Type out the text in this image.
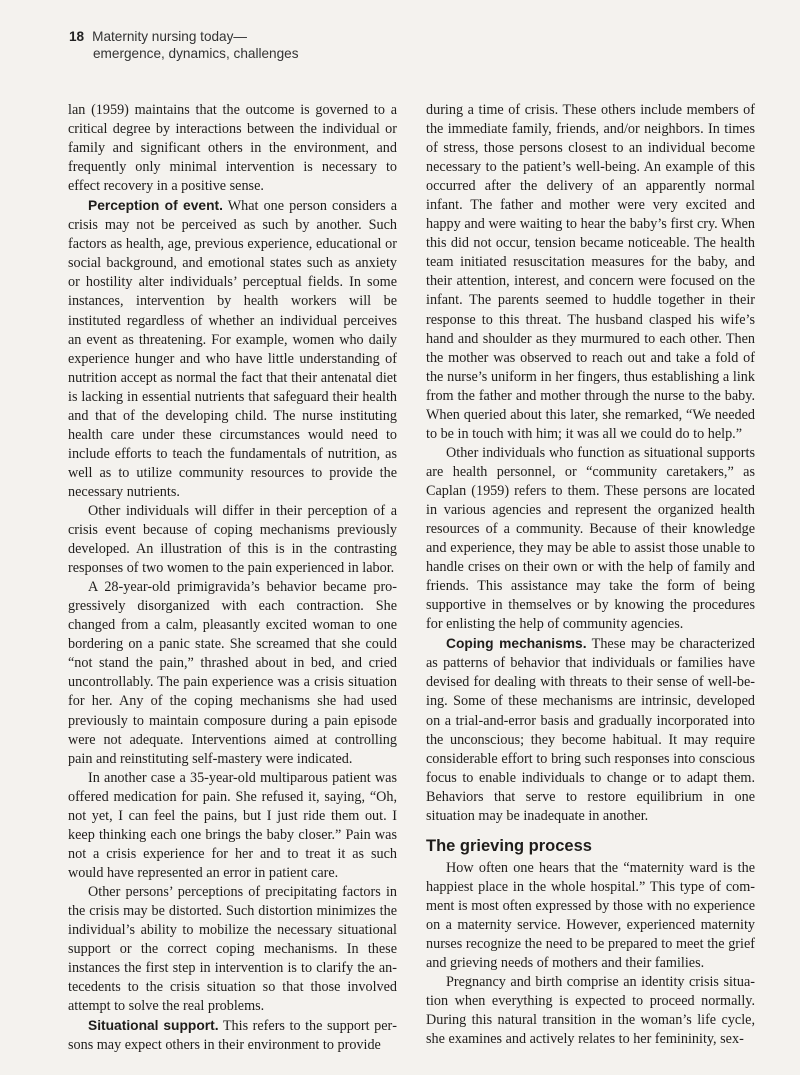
18 Maternity nursing today—
emergence, dynamics, challenges

lan (1959) maintains that the outcome is governed to a critical degree by interactions between the individual or family and significant others in the environment, and frequently only minimal intervention is necessary to effect recovery in a positive sense.

Perception of event. What one person considers a crisis may not be perceived as such by another. Such factors as health, age, previous experience, educational or social background, and emotional states such as anxiety or hostility alter individuals’ perceptual fields. In some instances, intervention by health workers will be instituted regardless of whether an individual perceives an event as threatening. For example, women who daily experience hunger and who have little understanding of nutrition accept as normal the fact that their antenatal diet is lacking in essential nutrients that safeguard their health and that of the developing child. The nurse instituting health care under these circumstances would need to include efforts to teach the fundamentals of nutrition, as well as to utilize community resources to provide the necessary nutrients.

Other individuals will differ in their perception of a crisis event because of coping mechanisms previously developed. An illustration of this is in the contrasting responses of two women to the pain experienced in labor.

A 28-year-old primigravida’s behavior became progressively disorganized with each contraction. She changed from a calm, pleasantly excited woman to one bordering on a panic state. She screamed that she could “not stand the pain,” thrashed about in bed, and cried uncontrollably. The pain experience was a crisis situation for her. Any of the coping mechanisms she had used previously to maintain composure during a pain episode were not adequate. Interventions aimed at controlling pain and reinstituting self-mastery were indicated.

In another case a 35-year-old multiparous patient was offered medication for pain. She refused it, saying, “Oh, not yet, I can feel the pains, but I just ride them out. I keep thinking each one brings the baby closer.” Pain was not a crisis experience for her and to treat it as such would have represented an error in patient care.

Other persons’ perceptions of precipitating factors in the crisis may be distorted. Such distortion minimizes the individual’s ability to mobilize the necessary situational support or the correct coping mechanisms. In these instances the first step in intervention is to clarify the antecedents to the crisis situation so that those involved attempt to solve the real problems.

Situational support. This refers to the support persons may expect others in their environment to provide

during a time of crisis. These others include members of the immediate family, friends, and/or neighbors. In times of stress, those persons closest to an individual become necessary to the patient’s well-being. An example of this occurred after the delivery of an apparently normal infant. The father and mother were very excited and happy and were waiting to hear the baby’s first cry. When this did not occur, tension became noticeable. The health team initiated resuscitation measures for the baby, and their attention, interest, and concern were focused on the infant. The parents seemed to huddle together in their response to this threat. The husband clasped his wife’s hand and shoulder as they murmured to each other. Then the mother was observed to reach out and take a fold of the nurse’s uniform in her fingers, thus establishing a link from the father and mother through the nurse to the baby. When queried about this later, she remarked, “We needed to be in touch with him; it was all we could do to help.”

Other individuals who function as situational supports are health personnel, or “community caretakers,” as Caplan (1959) refers to them. These persons are located in various agencies and represent the organized health resources of a community. Because of their knowledge and experience, they may be able to assist those unable to handle crises on their own or with the help of family and friends. This assistance may take the form of being supportive in themselves or by knowing the procedures for enlisting the help of community agencies.

Coping mechanisms. These may be characterized as patterns of behavior that individuals or families have devised for dealing with threats to their sense of well-being. Some of these mechanisms are intrinsic, developed on a trial-and-error basis and gradually incorporated into the unconscious; they become habitual. It may require considerable effort to bring such responses into conscious focus to enable individuals to change or to adapt them. Behaviors that serve to restore equilibrium in one situation may be inadequate in another.

The grieving process

How often one hears that the “maternity ward is the happiest place in the whole hospital.” This type of comment is most often expressed by those with no experience on a maternity service. However, experienced maternity nurses recognize the need to be prepared to meet the grief and grieving needs of mothers and their families.

Pregnancy and birth comprise an identity crisis situation when everything is expected to proceed normally. During this natural transition in the woman’s life cycle, she examines and actively relates to her femininity, sex-
